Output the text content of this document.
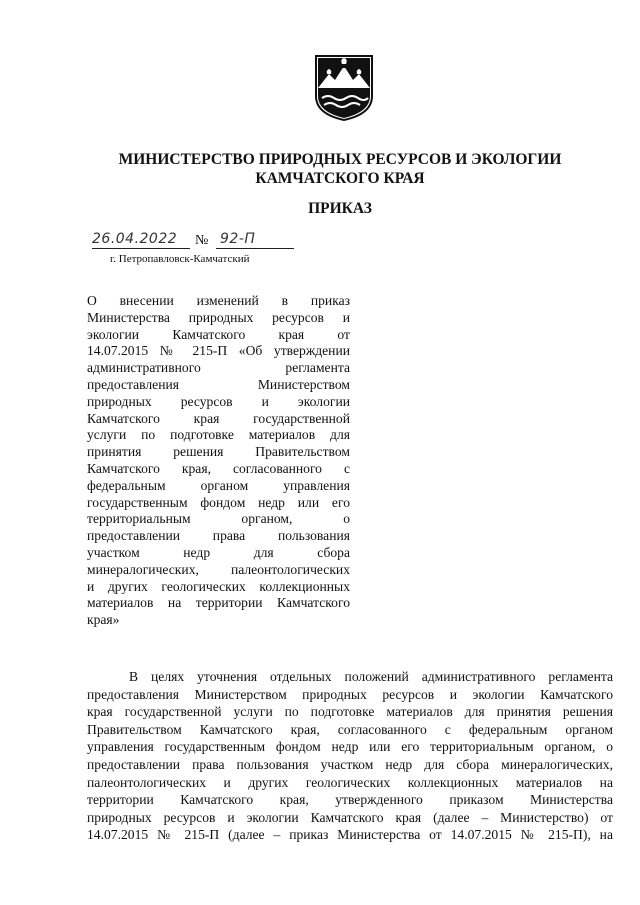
МИНИСТЕРСТВО ПРИРОДНЫХ РЕСУРСОВ И ЭКОЛОГИИ
КАМЧАТСКОГО КРАЯ
ПРИКАЗ
26.04.2022 № 92-П
г. Петропавловск-Камчатский
О внесении изменений в приказ
Министерства природных ресурсов и
экологии Камчатского края от
14.07.2015 № 215-П «Об утверждении
административного регламента
предоставления Министерством
природных ресурсов и экологии
Камчатского края государственной
услуги по подготовке материалов для
принятия решения Правительством
Камчатского края, согласованного с
федеральным органом управления
государственным фондом недр или его
территориальным органом, о
предоставлении права пользования
участком недр для сбора
минералогических, палеонтологических
и других геологических коллекционных
материалов на территории Камчатского
края»
В целях уточнения отдельных положений административного регламента
предоставления Министерством природных ресурсов и экологии Камчатского
края государственной услуги по подготовке материалов для принятия решения
Правительством Камчатского края, согласованного с федеральным органом
управления государственным фондом недр или его территориальным органом, о
предоставлении права пользования участком недр для сбора минералогических,
палеонтологических и других геологических коллекционных материалов на
территории Камчатского края, утвержденного приказом Министерства
природных ресурсов и экологии Камчатского края (далее – Министерство) от
14.07.2015 № 215-П (далее – приказ Министерства от 14.07.2015 № 215-П), на
